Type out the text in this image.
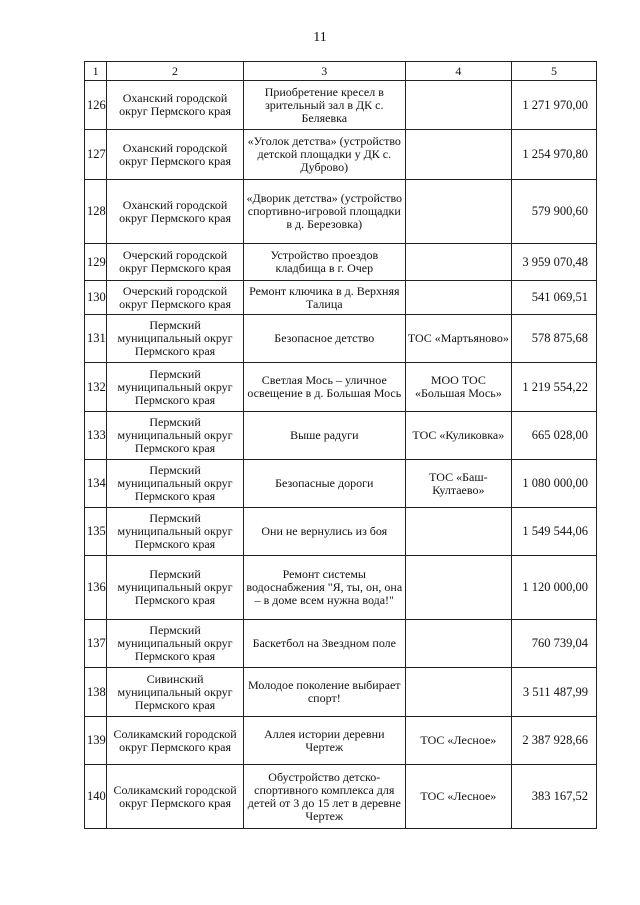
11
1	2	3	4	5
126	Оханский городской округ Пермского края	Приобретение кресел в зрительный зал в ДК с. Беляевка		1 271 970,00
127	Оханский городской округ Пермского края	«Уголок детства» (устройство детской площадки у ДК с. Дуброво)		1 254 970,80
128	Оханский городской округ Пермского края	«Дворик детства» (устройство спортивно-игровой площадки в д. Березовка)		579 900,60
129	Очерский городской округ Пермского края	Устройство проездов кладбища в г. Очер		3 959 070,48
130	Очерский городской округ Пермского края	Ремонт ключика в д. Верхняя Талица		541 069,51
131	Пермский муниципальный округ Пермского края	Безопасное детство	ТОС «Мартьяново»	578 875,68
132	Пермский муниципальный округ Пермского края	Светлая Мось – уличное освещение в д. Большая Мось	МОО ТОС «Большая Мось»	1 219 554,22
133	Пермский муниципальный округ Пермского края	Выше радуги	ТОС «Куликовка»	665 028,00
134	Пермский муниципальный округ Пермского края	Безопасные дороги	ТОС «Баш-Култаево»	1 080 000,00
135	Пермский муниципальный округ Пермского края	Они не вернулись из боя		1 549 544,06
136	Пермский муниципальный округ Пермского края	Ремонт системы водоснабжения "Я, ты, он, она – в доме всем нужна вода!"		1 120 000,00
137	Пермский муниципальный округ Пермского края	Баскетбол на Звездном поле		760 739,04
138	Сивинский муниципальный округ Пермского края	Молодое поколение выбирает спорт!		3 511 487,99
139	Соликамский городской округ Пермского края	Аллея истории деревни Чертеж	ТОС «Лесное»	2 387 928,66
140	Соликамский городской округ Пермского края	Обустройство детско-спортивного комплекса для детей от 3 до 15 лет в деревне Чертеж	ТОС «Лесное»	383 167,52
